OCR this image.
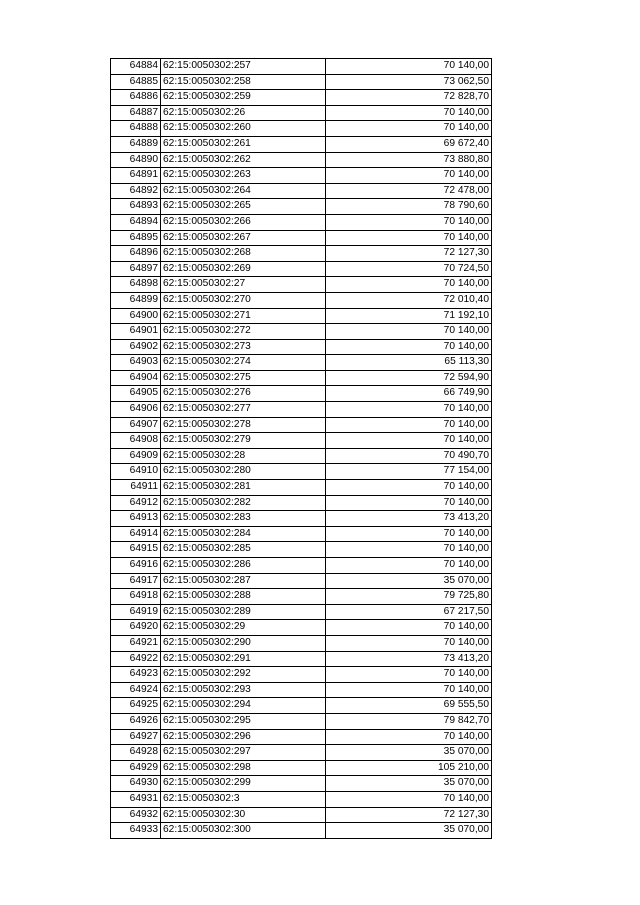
64884	62:15:0050302:257	70 140,00
64885	62:15:0050302:258	73 062,50
64886	62:15:0050302:259	72 828,70
64887	62:15:0050302:26	70 140,00
64888	62:15:0050302:260	70 140,00
64889	62:15:0050302:261	69 672,40
64890	62:15:0050302:262	73 880,80
64891	62:15:0050302:263	70 140,00
64892	62:15:0050302:264	72 478,00
64893	62:15:0050302:265	78 790,60
64894	62:15:0050302:266	70 140,00
64895	62:15:0050302:267	70 140,00
64896	62:15:0050302:268	72 127,30
64897	62:15:0050302:269	70 724,50
64898	62:15:0050302:27	70 140,00
64899	62:15:0050302:270	72 010,40
64900	62:15:0050302:271	71 192,10
64901	62:15:0050302:272	70 140,00
64902	62:15:0050302:273	70 140,00
64903	62:15:0050302:274	65 113,30
64904	62:15:0050302:275	72 594,90
64905	62:15:0050302:276	66 749,90
64906	62:15:0050302:277	70 140,00
64907	62:15:0050302:278	70 140,00
64908	62:15:0050302:279	70 140,00
64909	62:15:0050302:28	70 490,70
64910	62:15:0050302:280	77 154,00
64911	62:15:0050302:281	70 140,00
64912	62:15:0050302:282	70 140,00
64913	62:15:0050302:283	73 413,20
64914	62:15:0050302:284	70 140,00
64915	62:15:0050302:285	70 140,00
64916	62:15:0050302:286	70 140,00
64917	62:15:0050302:287	35 070,00
64918	62:15:0050302:288	79 725,80
64919	62:15:0050302:289	67 217,50
64920	62:15:0050302:29	70 140,00
64921	62:15:0050302:290	70 140,00
64922	62:15:0050302:291	73 413,20
64923	62:15:0050302:292	70 140,00
64924	62:15:0050302:293	70 140,00
64925	62:15:0050302:294	69 555,50
64926	62:15:0050302:295	79 842,70
64927	62:15:0050302:296	70 140,00
64928	62:15:0050302:297	35 070,00
64929	62:15:0050302:298	105 210,00
64930	62:15:0050302:299	35 070,00
64931	62:15:0050302:3	70 140,00
64932	62:15:0050302:30	72 127,30
64933	62:15:0050302:300	35 070,00
